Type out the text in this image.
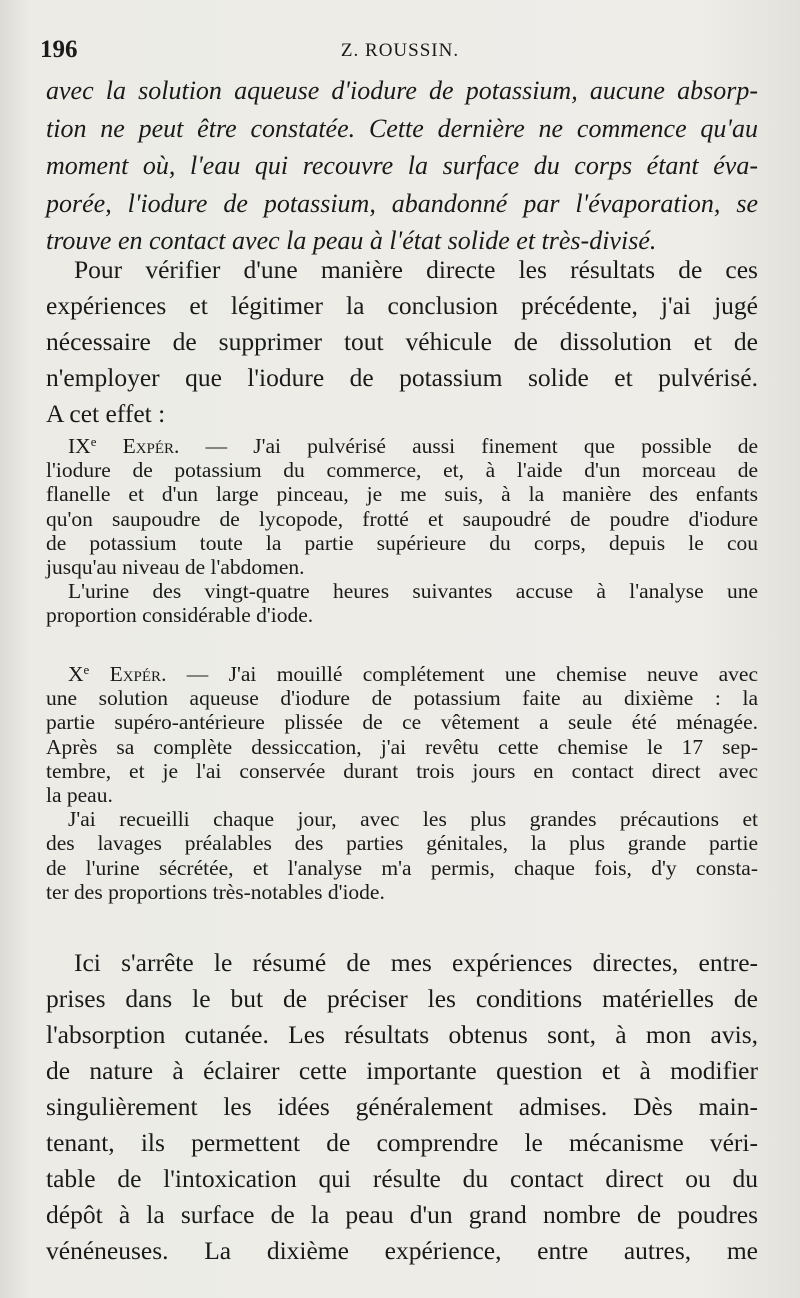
196	Z. ROUSSIN.
avec la solution aqueuse d'iodure de potassium, aucune absorp-
tion ne peut être constatée. Cette dernière ne commence qu'au
moment où, l'eau qui recouvre la surface du corps étant éva-
porée, l'iodure de potassium, abandonné par l'évaporation, se
trouve en contact avec la peau à l'état solide et très-divisé.
Pour vérifier d'une manière directe les résultats de ces
expériences et légitimer la conclusion précédente, j'ai jugé
nécessaire de supprimer tout véhicule de dissolution et de
n'employer que l'iodure de potassium solide et pulvérisé.
A cet effet :
IXe Expér. — J'ai pulvérisé aussi finement que possible de
l'iodure de potassium du commerce, et, à l'aide d'un morceau de
flanelle et d'un large pinceau, je me suis, à la manière des enfants
qu'on saupoudre de lycopode, frotté et saupoudré de poudre d'iodure
de potassium toute la partie supérieure du corps, depuis le cou
jusqu'au niveau de l'abdomen.
L'urine des vingt-quatre heures suivantes accuse à l'analyse une
proportion considérable d'iode.
Xe Expér. — J'ai mouillé complétement une chemise neuve avec
une solution aqueuse d'iodure de potassium faite au dixième : la
partie supéro-antérieure plissée de ce vêtement a seule été ménagée.
Après sa complète dessiccation, j'ai revêtu cette chemise le 17 sep-
tembre, et je l'ai conservée durant trois jours en contact direct avec
la peau.
J'ai recueilli chaque jour, avec les plus grandes précautions et
des lavages préalables des parties génitales, la plus grande partie
de l'urine sécrétée, et l'analyse m'a permis, chaque fois, d'y consta-
ter des proportions très-notables d'iode.
Ici s'arrête le résumé de mes expériences directes, entre-
prises dans le but de préciser les conditions matérielles de
l'absorption cutanée. Les résultats obtenus sont, à mon avis,
de nature à éclairer cette importante question et à modifier
singulièrement les idées généralement admises. Dès main-
tenant, ils permettent de comprendre le mécanisme véri-
table de l'intoxication qui résulte du contact direct ou du
dépôt à la surface de la peau d'un grand nombre de poudres
vénéneuses. La dixième expérience, entre autres, me
